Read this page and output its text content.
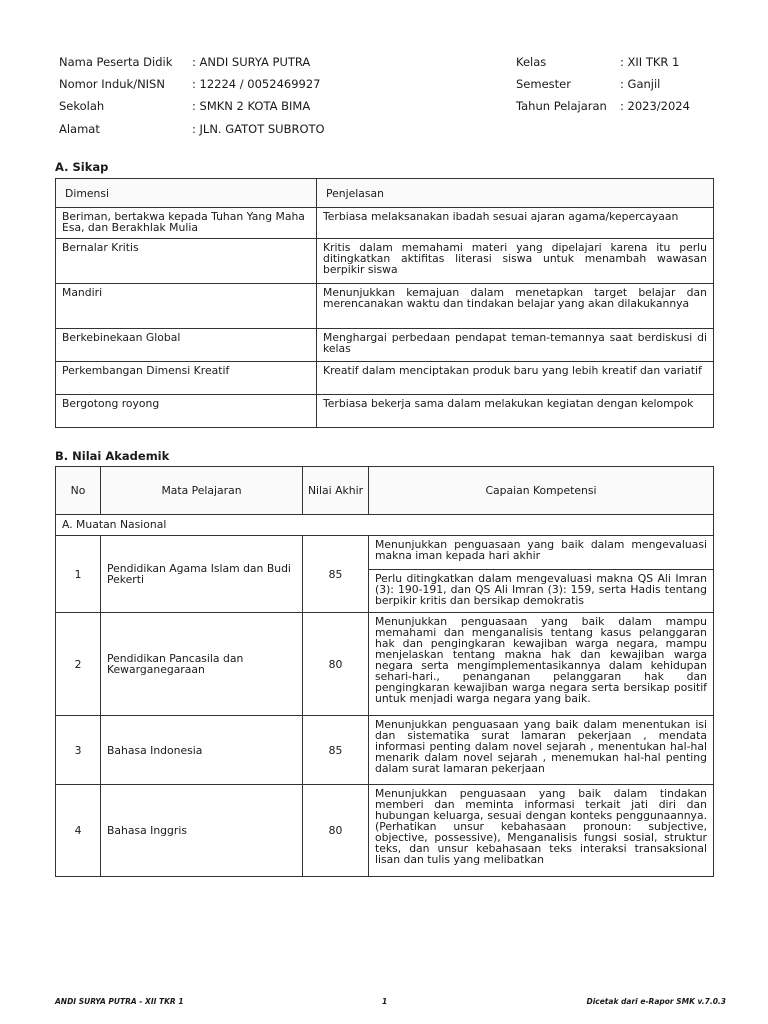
Nama Peserta Didik : ANDI SURYA PUTRA
Nomor Induk/NISN : 12224 / 0052469927
Sekolah	: SMKN 2 KOTA BIMA
Alamat	: JLN. GATOT SUBROTO
Kelas	: XII TKR 1
Semester	: Ganjil
Tahun Pelajaran : 2023/2024
A. Sikap
Dimensi	Penjelasan
Beriman, bertakwa kepada Tuhan Yang Maha Esa, dan Berakhlak Mulia	Terbiasa melaksanakan ibadah sesuai ajaran agama/kepercayaan
Bernalar Kritis	Kritis dalam memahami materi yang dipelajari karena itu perlu ditingkatkan aktifitas literasi siswa untuk menambah wawasan berpikir siswa
Mandiri	Menunjukkan kemajuan dalam menetapkan target belajar dan merencanakan waktu dan tindakan belajar yang akan dilakukannya
Berkebinekaan Global	Menghargai perbedaan pendapat teman-temannya saat berdiskusi di kelas
Perkembangan Dimensi Kreatif	Kreatif dalam menciptakan produk baru yang lebih kreatif dan variatif
Bergotong royong	Terbiasa bekerja sama dalam melakukan kegiatan dengan kelompok
B. Nilai Akademik
No	Mata Pelajaran	Nilai Akhir	Capaian Kompetensi
A. Muatan Nasional			
1	Pendidikan Agama Islam dan Budi Pekerti	85	Menunjukkan penguasaan yang baik dalam mengevaluasi makna iman kepada hari akhir
			Perlu ditingkatkan dalam mengevaluasi makna QS Ali Imran (3): 190-191, dan QS Ali Imran (3): 159, serta Hadis tentang berpikir kritis dan bersikap demokratis
2	Pendidikan Pancasila dan Kewarganegaraan	80	Menunjukkan penguasaan yang baik dalam mampu memahami dan menganalisis tentang kasus pelanggaran hak dan pengingkaran kewajiban warga negara, mampu menjelaskan tentang makna hak dan kewajiban warga negara serta mengimplementasikannya dalam kehidupan sehari-hari., penanganan pelanggaran hak dan pengingkaran kewajiban warga negara serta bersikap positif untuk menjadi warga negara yang baik.
3	Bahasa Indonesia	85	Menunjukkan penguasaan yang baik dalam menentukan isi dan sistematika surat lamaran pekerjaan , mendata informasi penting dalam novel sejarah , menentukan hal-hal menarik dalam novel sejarah , menemukan hal-hal penting dalam surat lamaran pekerjaan
4	Bahasa Inggris	80	Menunjukkan penguasaan yang baik dalam tindakan memberi dan meminta informasi terkait jati diri dan hubungan keluarga, sesuai dengan konteks penggunaannya. (Perhatikan unsur kebahasaan pronoun: subjective, objective, possessive), Menganalisis fungsi sosial, struktur teks, dan unsur kebahasaan teks interaksi transaksional lisan dan tulis yang melibatkan
ANDI SURYA PUTRA - XII TKR 1	1	Dicetak dari e-Rapor SMK v.7.0.3
